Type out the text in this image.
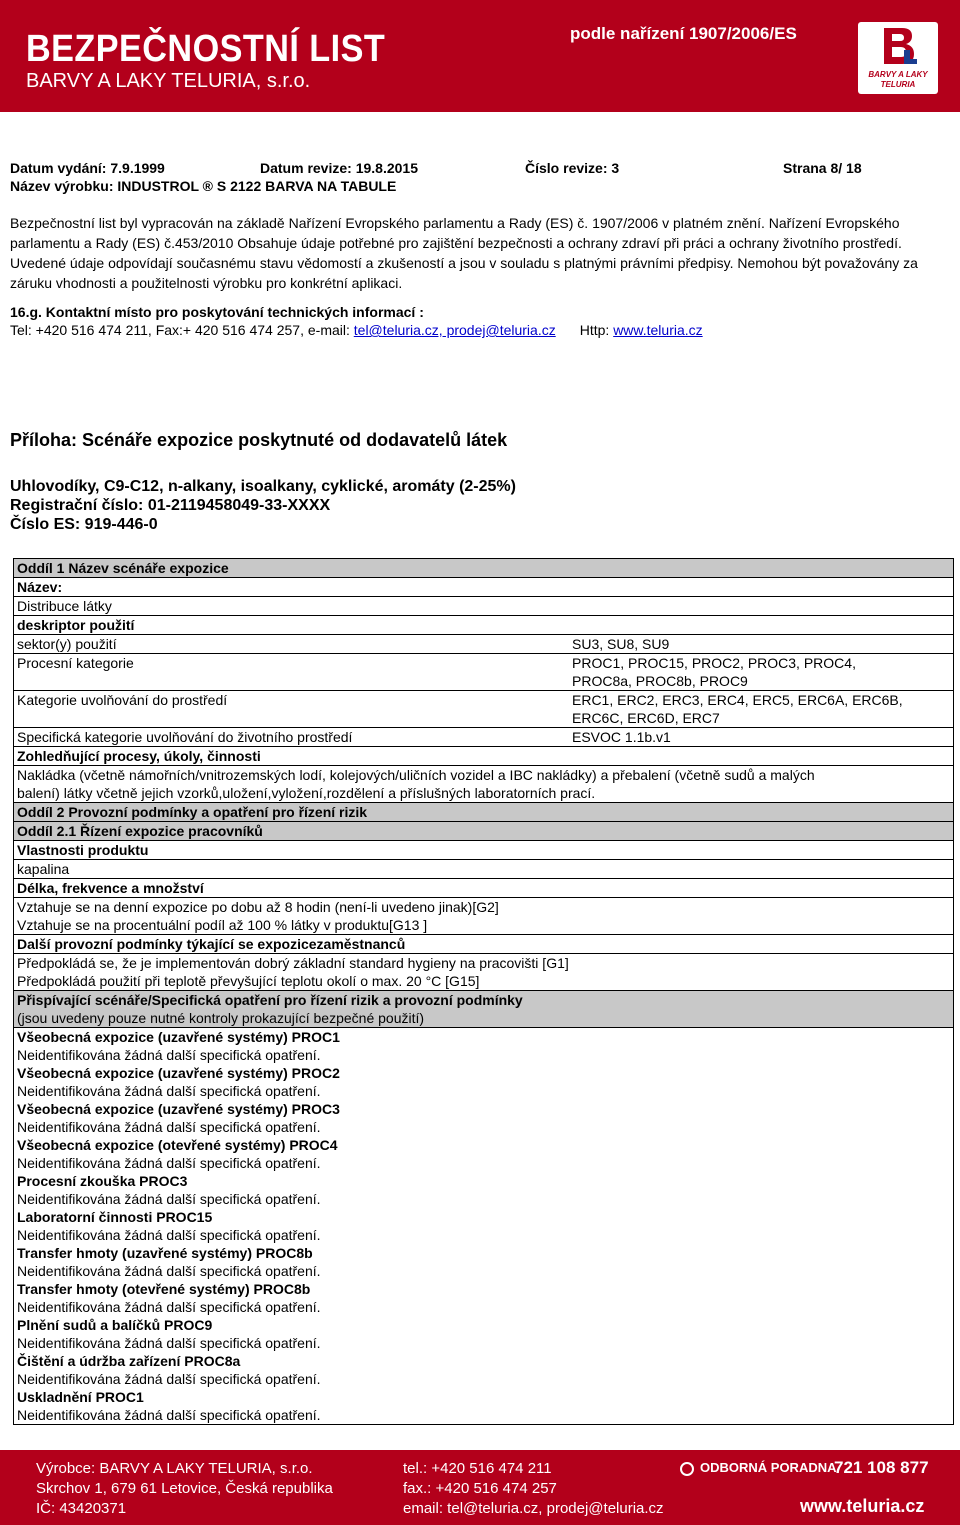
BEZPEČNOSTNÍ LIST
BARVY A LAKY TELURIA, s.r.o.
podle nařízení 1907/2006/ES
BARVY A LAKY
TELURIA
Datum vydání: 7.9.1999	Datum revize: 19.8.2015	Číslo revize: 3	Strana 8/ 18
Název výrobku: INDUSTROL ® S 2122 BARVA NA TABULE
Bezpečnostní list byl vypracován na základě Nařízení Evropského parlamentu a Rady (ES) č. 1907/2006 v platném znění. Nařízení Evropského parlamentu a Rady (ES) č.453/2010 Obsahuje údaje potřebné pro zajištění bezpečnosti a ochrany zdraví při práci a ochrany životního prostředí. Uvedené údaje odpovídají současnému stavu vědomostí a zkušeností a jsou v souladu s platnými právními předpisy. Nemohou být považovány za záruku vhodnosti a použitelnosti výrobku pro konkrétní aplikaci.
16.g. Kontaktní místo pro poskytování technických informací :
Tel: +420 516 474 211, Fax:+ 420 516 474 257, e-mail: tel@teluria.cz, prodej@teluria.cz Http: www.teluria.cz
Příloha: Scénáře expozice poskytnuté od dodavatelů látek
Uhlovodíky, C9-C12, n-alkany, isoalkany, cyklické, aromáty (2-25%)
Registrační číslo: 01-2119458049-33-XXXX
Číslo ES: 919-446-0
Oddíl 1 Název scénáře expozice
Název:
Distribuce látky
deskriptor použití
sektor(y) použití	SU3, SU8, SU9
Procesní kategorie	PROC1, PROC15, PROC2, PROC3, PROC4,
PROC8a, PROC8b, PROC9
Kategorie uvolňování do prostředí	ERC1, ERC2, ERC3, ERC4, ERC5, ERC6A, ERC6B,
ERC6C, ERC6D, ERC7
Specifická kategorie uvolňování do životního prostředí	ESVOC 1.1b.v1
Zohledňující procesy, úkoly, činnosti
Nakládka (včetně námořních/vnitrozemských lodí, kolejových/uličních vozidel a IBC nakládky) a přebalení (včetně sudů a malých
balení) látky včetně jejich vzorků,uložení,vyložení,rozdělení a příslušných laboratorních prací.
Oddíl 2 Provozní podmínky a opatření pro řízení rizik
Oddíl 2.1 Řízení expozice pracovníků
Vlastnosti produktu
kapalina
Délka, frekvence a množství
Vztahuje se na denní expozice po dobu až 8 hodin (není-li uvedeno jinak)[G2]
Vztahuje se na procentuální podíl až 100 % látky v produktu[G13 ]
Další provozní podmínky týkající se expozicezaměstnanců
Předpokládá se, že je implementován dobrý základní standard hygieny na pracovišti [G1]
Předpokládá použití při teplotě převyšující teplotu okolí o max. 20 °C [G15]
Přispívající scénáře/Specifická opatření pro řízení rizik a provozní podmínky
(jsou uvedeny pouze nutné kontroly prokazující bezpečné použití)
Všeobecná expozice (uzavřené systémy) PROC1
Neidentifikována žádná další specifická opatření.
Všeobecná expozice (uzavřené systémy) PROC2
Neidentifikována žádná další specifická opatření.
Všeobecná expozice (uzavřené systémy) PROC3
Neidentifikována žádná další specifická opatření.
Všeobecná expozice (otevřené systémy) PROC4
Neidentifikována žádná další specifická opatření.
Procesní zkouška PROC3
Neidentifikována žádná další specifická opatření.
Laboratorní činnosti PROC15
Neidentifikována žádná další specifická opatření.
Transfer hmoty (uzavřené systémy) PROC8b
Neidentifikována žádná další specifická opatření.
Transfer hmoty (otevřené systémy) PROC8b
Neidentifikována žádná další specifická opatření.
Plnění sudů a balíčků PROC9
Neidentifikována žádná další specifická opatření.
Čištění a údržba zařízení PROC8a
Neidentifikována žádná další specifická opatření.
Uskladnění PROC1
Neidentifikována žádná další specifická opatření.
Výrobce: BARVY A LAKY TELURIA, s.r.o.
Skrchov 1, 679 61 Letovice, Česká republika
IČ: 43420371
tel.: +420 516 474 211
fax.: +420 516 474 257
email: tel@teluria.cz, prodej@teluria.cz
ODBORNÁ PORADNA
721 108 877
www.teluria.cz
